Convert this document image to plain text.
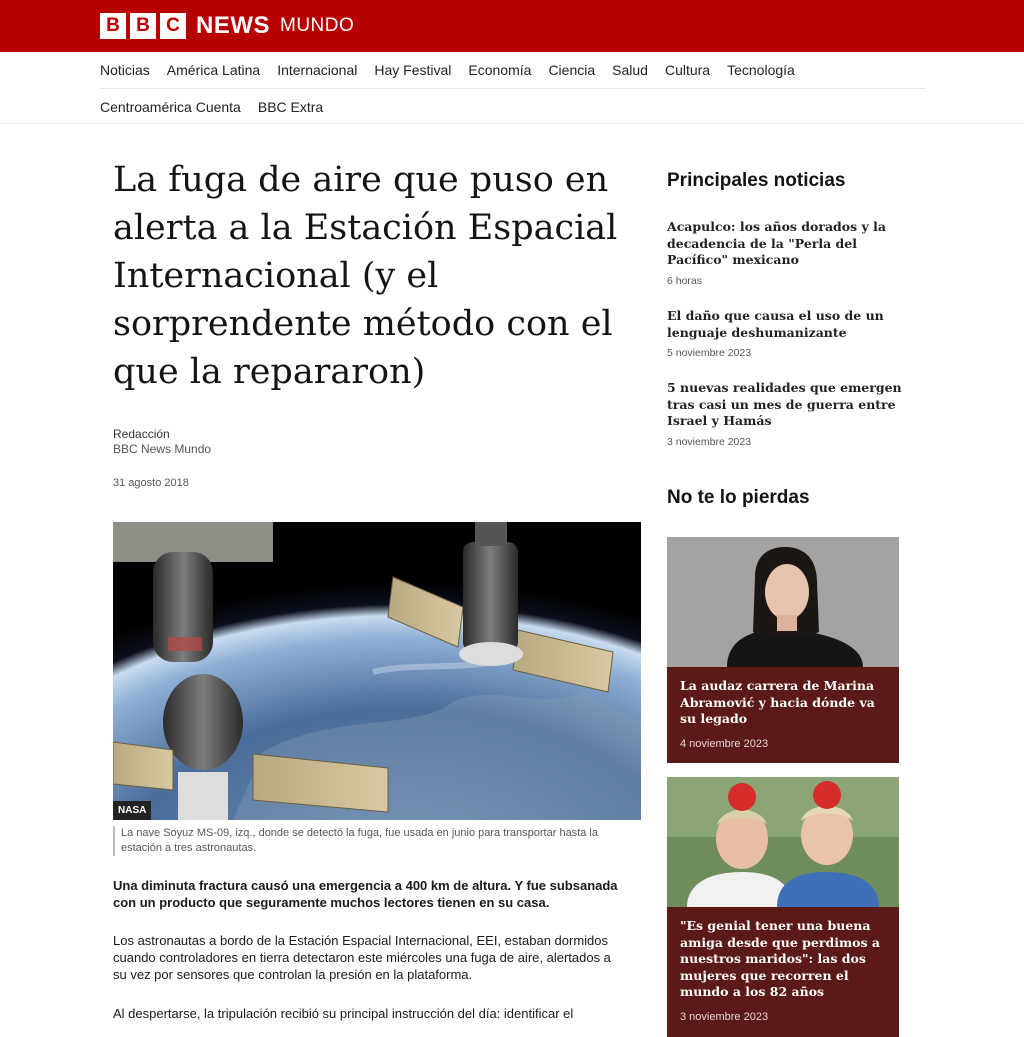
B B C NEWS MUNDO
Noticias América Latina Internacional Hay Festival Economía Ciencia Salud Cultura Tecnología
Centroamérica Cuenta BBC Extra
La fuga de aire que puso en alerta a la Estación Espacial Internacional (y el sorprendente método con el que la repararon)
Redacción
BBC News Mundo
31 agosto 2018
NASA
La nave Soyuz MS-09, izq., donde se detectó la fuga, fue usada en junio para transportar hasta la estación a tres astronautas.

Una diminuta fractura causó una emergencia a 400 km de altura. Y fue subsanada con un producto que seguramente muchos lectores tienen en su casa.

Los astronautas a bordo de la Estación Espacial Internacional, EEI, estaban dormidos cuando controladores en tierra detectaron este miércoles una fuga de aire, alertados a su vez por sensores que controlan la presión en la plataforma.

Al despertarse, la tripulación recibió su principal instrucción del día: identificar el

Principales noticias
Acapulco: los años dorados y la decadencia de la "Perla del Pacífico" mexicano
6 horas
El daño que causa el uso de un lenguaje deshumanizante
5 noviembre 2023
5 nuevas realidades que emergen tras casi un mes de guerra entre Israel y Hamás
3 noviembre 2023
No te lo pierdas
La audaz carrera de Marina Abramović y hacia dónde va su legado
4 noviembre 2023
"Es genial tener una buena amiga desde que perdimos a nuestros maridos": las dos mujeres que recorren el mundo a los 82 años
3 noviembre 2023
